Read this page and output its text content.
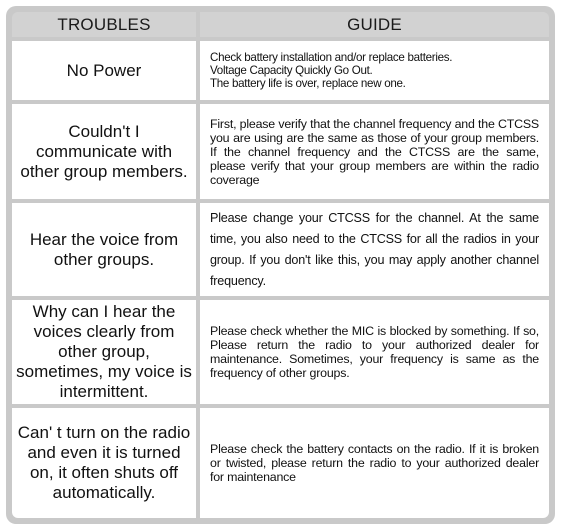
TROUBLES	GUIDE
No Power
Check battery installation and/or replace batteries.
Voltage Capacity Quickly Go Out.
The battery life is over, replace new one.
Couldn't I communicate with other group members.
First, please verify that the channel frequency and the CTCSS you are using are the same as those of your group members. If the channel frequency and the CTCSS are the same, please verify that your group members are within the radio coverage
Hear the voice from other groups.
Please change your CTCSS for the channel. At the same time, you also need to the CTCSS for all the radios in your group. If you don't like this, you may apply another channel frequency.
Why can I hear the voices clearly from other group, sometimes, my voice is intermittent.
Please check whether the MIC is blocked by something. If so, Please return the radio to your authorized dealer for maintenance. Sometimes, your frequency is same as the frequency of other groups.
Can' t turn on the radio and even it is turned on, it often shuts off automatically.
Please check the battery contacts on the radio. If it is broken or twisted, please return the radio to your authorized dealer for maintenance
